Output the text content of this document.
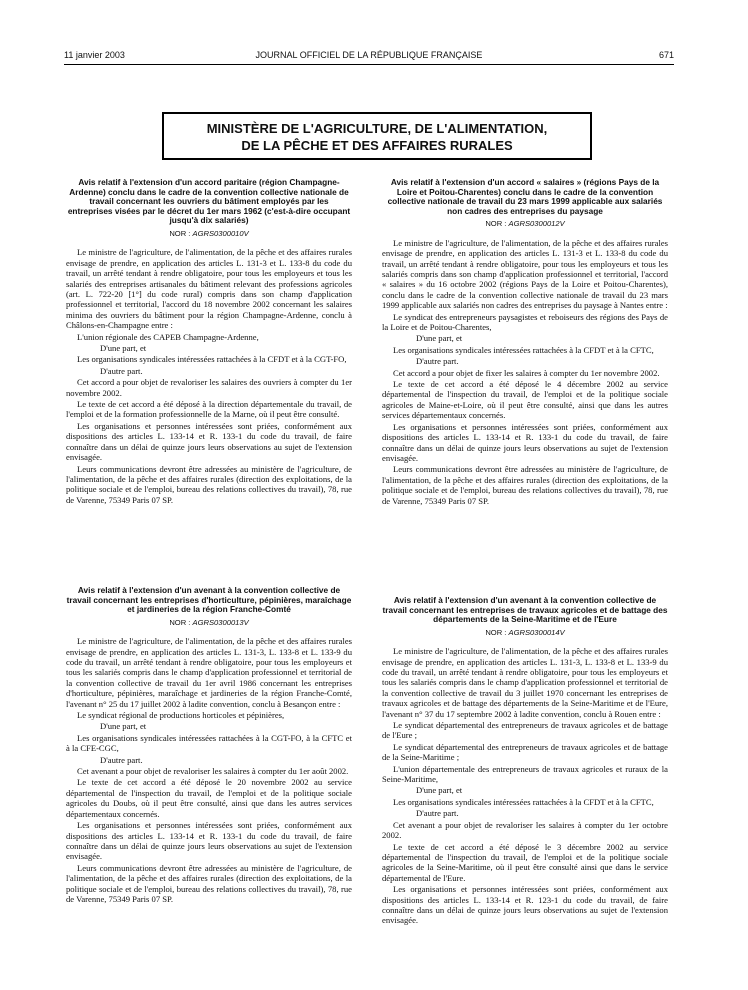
11 janvier 2003	JOURNAL OFFICIEL DE LA RÉPUBLIQUE FRANÇAISE	671
MINISTÈRE DE L'AGRICULTURE, DE L'ALIMENTATION,
DE LA PÊCHE ET DES AFFAIRES RURALES
Avis relatif à l'extension d'un accord paritaire (région Champagne-Ardenne) conclu dans le cadre de la convention collective nationale de travail concernant les ouvriers du bâtiment employés par les entreprises visées par le décret du 1er mars 1962 (c'est-à-dire occupant jusqu'à dix salariés)
NOR : AGRS0300010V

Le ministre de l'agriculture, de l'alimentation, de la pêche et des affaires rurales envisage de prendre, en application des articles L. 131-3 et L. 133-8 du code du travail, un arrêté tendant à rendre obligatoire, pour tous les employeurs et tous les salariés des entreprises artisanales du bâtiment relevant des professions agricoles (art. L. 722-20 [1°] du code rural) compris dans son champ d'application professionnel et territorial, l'accord du 18 novembre 2002 concernant les salaires minima des ouvriers du bâtiment pour la région Champagne-Ardenne, conclu à Châlons-en-Champagne entre :

L'union régionale des CAPEB Champagne-Ardenne,

D'une part, et

Les organisations syndicales intéressées rattachées à la CFDT et à la CGT-FO,

D'autre part.

Cet accord a pour objet de revaloriser les salaires des ouvriers à compter du 1er novembre 2002.

Le texte de cet accord a été déposé à la direction départementale du travail, de l'emploi et de la formation professionnelle de la Marne, où il peut être consulté.

Les organisations et personnes intéressées sont priées, conformément aux dispositions des articles L. 133-14 et R. 133-1 du code du travail, de faire connaître dans un délai de quinze jours leurs observations au sujet de l'extension envisagée.

Leurs communications devront être adressées au ministère de l'agriculture, de l'alimentation, de la pêche et des affaires rurales (direction des exploitations, de la politique sociale et de l'emploi, bureau des relations collectives du travail), 78, rue de Varenne, 75349 Paris 07 SP.

Avis relatif à l'extension d'un accord « salaires » (régions Pays de la Loire et Poitou-Charentes) conclu dans le cadre de la convention collective nationale de travail du 23 mars 1999 applicable aux salariés non cadres des entreprises du paysage
NOR : AGRS0300012V

Le ministre de l'agriculture, de l'alimentation, de la pêche et des affaires rurales envisage de prendre, en application des articles L. 131-3 et L. 133-8 du code du travail, un arrêté tendant à rendre obligatoire, pour tous les employeurs et tous les salariés compris dans son champ d'application professionnel et territorial, l'accord « salaires » du 16 octobre 2002 (régions Pays de la Loire et Poitou-Charentes), conclu dans le cadre de la convention collective nationale de travail du 23 mars 1999 applicable aux salariés non cadres des entreprises du paysage à Nantes entre :

Le syndicat des entrepreneurs paysagistes et reboiseurs des régions des Pays de la Loire et de Poitou-Charentes,

D'une part, et

Les organisations syndicales intéressées rattachées à la CFDT et à la CFTC,

D'autre part.

Cet accord a pour objet de fixer les salaires à compter du 1er novembre 2002.

Le texte de cet accord a été déposé le 4 décembre 2002 au service départemental de l'inspection du travail, de l'emploi et de la politique sociale agricoles de Maine-et-Loire, où il peut être consulté, ainsi que dans les autres services départementaux concernés.

Les organisations et personnes intéressées sont priées, conformément aux dispositions des articles L. 133-14 et R. 133-1 du code du travail, de faire connaître dans un délai de quinze jours leurs observations au sujet de l'extension envisagée.

Leurs communications devront être adressées au ministère de l'agriculture, de l'alimentation, de la pêche et des affaires rurales (direction des exploitations, de la politique sociale et de l'emploi, bureau des relations collectives du travail), 78, rue de Varenne, 75349 Paris 07 SP.

Avis relatif à l'extension d'un avenant à la convention collective de travail concernant les entreprises d'horticulture, pépinières, maraîchage et jardineries de la région Franche-Comté
NOR : AGRS0300013V

Le ministre de l'agriculture, de l'alimentation, de la pêche et des affaires rurales envisage de prendre, en application des articles L. 131-3, L. 133-8 et L. 133-9 du code du travail, un arrêté tendant à rendre obligatoire, pour tous les employeurs et tous les salariés compris dans le champ d'application professionnel et territorial de la convention collective de travail du 1er avril 1986 concernant les entreprises d'horticulture, pépinières, maraîchage et jardineries de la région Franche-Comté, l'avenant n° 25 du 17 juillet 2002 à ladite convention, conclu à Besançon entre :

Le syndicat régional de productions horticoles et pépinières,

D'une part, et

Les organisations syndicales intéressées rattachées à la CGT-FO, à la CFTC et à la CFE-CGC,

D'autre part.

Cet avenant a pour objet de revaloriser les salaires à compter du 1er août 2002.

Le texte de cet accord a été déposé le 20 novembre 2002 au service départemental de l'inspection du travail, de l'emploi et de la politique sociale agricoles du Doubs, où il peut être consulté, ainsi que dans les autres services départementaux concernés.

Les organisations et personnes intéressées sont priées, conformément aux dispositions des articles L. 133-14 et R. 133-1 du code du travail, de faire connaître dans un délai de quinze jours leurs observations au sujet de l'extension envisagée.

Leurs communications devront être adressées au ministère de l'agriculture, de l'alimentation, de la pêche et des affaires rurales (direction des exploitations, de la politique sociale et de l'emploi, bureau des relations collectives du travail), 78, rue de Varenne, 75349 Paris 07 SP.

Avis relatif à l'extension d'un avenant à la convention collective de travail concernant les entreprises de travaux agricoles et de battage des départements de la Seine-Maritime et de l'Eure
NOR : AGRS0300014V

Le ministre de l'agriculture, de l'alimentation, de la pêche et des affaires rurales envisage de prendre, en application des articles L. 131-3, L. 133-8 et L. 133-9 du code du travail, un arrêté tendant à rendre obligatoire, pour tous les employeurs et tous les salariés compris dans le champ d'application professionnel et territorial de la convention collective de travail du 3 juillet 1970 concernant les entreprises de travaux agricoles et de battage des départements de la Seine-Maritime et de l'Eure, l'avenant n° 37 du 17 septembre 2002 à ladite convention, conclu à Rouen entre :

Le syndicat départemental des entrepreneurs de travaux agricoles et de battage de l'Eure ;

Le syndicat départemental des entrepreneurs de travaux agricoles et de battage de la Seine-Maritime ;

L'union départementale des entrepreneurs de travaux agricoles et ruraux de la Seine-Maritime,

D'une part, et

Les organisations syndicales intéressées rattachées à la CFDT et à la CFTC,

D'autre part.

Cet avenant a pour objet de revaloriser les salaires à compter du 1er octobre 2002.

Le texte de cet accord a été déposé le 3 décembre 2002 au service départemental de l'inspection du travail, de l'emploi et de la politique sociale agricoles de la Seine-Maritime, où il peut être consulté ainsi que dans le service départemental de l'Eure.

Les organisations et personnes intéressées sont priées, conformément aux dispositions des articles L. 133-14 et R. 123-1 du code du travail, de faire connaître dans un délai de quinze jours leurs observations au sujet de l'extension envisagée.
